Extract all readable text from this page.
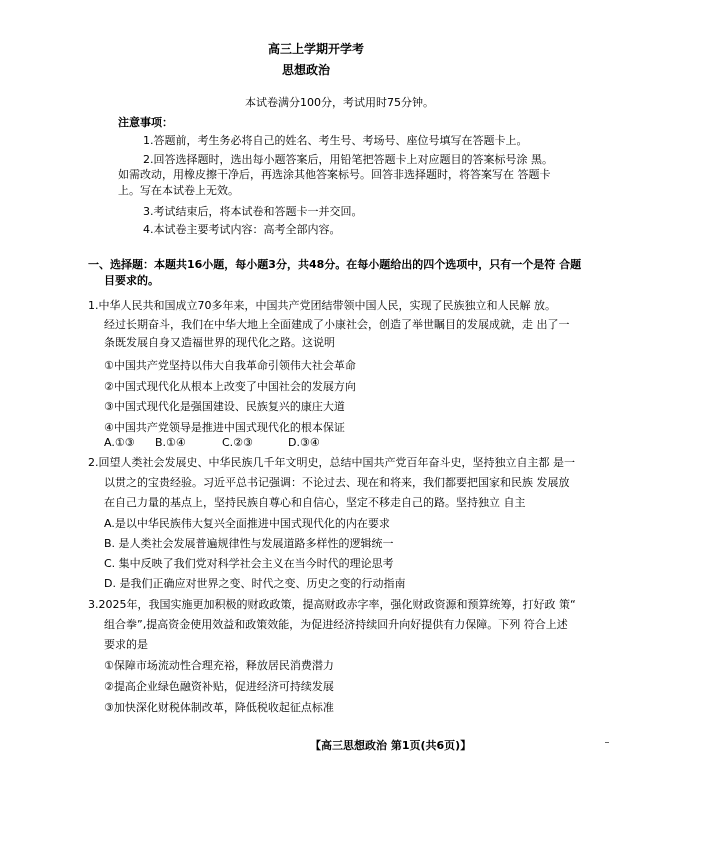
高三上学期开学考
思想政治
本试卷满分100分，考试用时75分钟。
注意事项：
1.答题前，考生务必将自己的姓名、考生号、考场号、座位号填写在答题卡上。
2.回答选择题时，选出每小题答案后，用铅笔把答题卡上对应题目的答案标号涂 黑。
如需改动，用橡皮擦干净后，再选涂其他答案标号。回答非选择题时，将答案写在 答题卡
上。写在本试卷上无效。
3.考试结束后，将本试卷和答题卡一并交回。
4.本试卷主要考试内容：高考全部内容。
一、选择题：本题共16小题，每小题3分，共48分。在每小题给出的四个选项中，只有一个是符 合题
目要求的。
1.中华人民共和国成立70多年来，中国共产党团结带领中国人民，实现了民族独立和人民解 放。
经过长期奋斗，我们在中华大地上全面建成了小康社会，创造了举世瞩目的发展成就，走 出了一
条既发展自身又造福世界的现代化之路。这说明
①中国共产党坚持以伟大自我革命引领伟大社会革命
②中国式现代化从根本上改变了中国社会的发展方向
③中国式现代化是强国建设、民族复兴的康庄大道
④中国共产党领导是推进中国式现代化的根本保证
A.①③ B.①④	C.②③	D.③④
2.回望人类社会发展史、中华民族几千年文明史，总结中国共产党百年奋斗史，坚持独立自主都 是一
以贯之的宝贵经验。习近平总书记强调：不论过去、现在和将来，我们都要把国家和民族 发展放
在自己力量的基点上，坚持民族自尊心和自信心，坚定不移走自己的路。坚持独立 自主
A.是以中华民族伟大复兴全面推进中国式现代化的内在要求
B. 是人类社会发展普遍规律性与发展道路多样性的逻辑统一
C. 集中反映了我们党对科学社会主义在当今时代的理论思考
D. 是我们正确应对世界之变、时代之变、历史之变的行动指南
3.2025年，我国实施更加积极的财政政策，提高财政赤字率，强化财政资源和预算统筹，打好政 策“
组合拳”,提高资金使用效益和政策效能，为促进经济持续回升向好提供有力保障。下列 符合上述
要求的是
①保障市场流动性合理充裕，释放居民消费潜力
②提高企业绿色融资补贴，促进经济可持续发展
③加快深化财税体制改革，降低税收起征点标准
【高三思想政治 第1页(共6页)】
